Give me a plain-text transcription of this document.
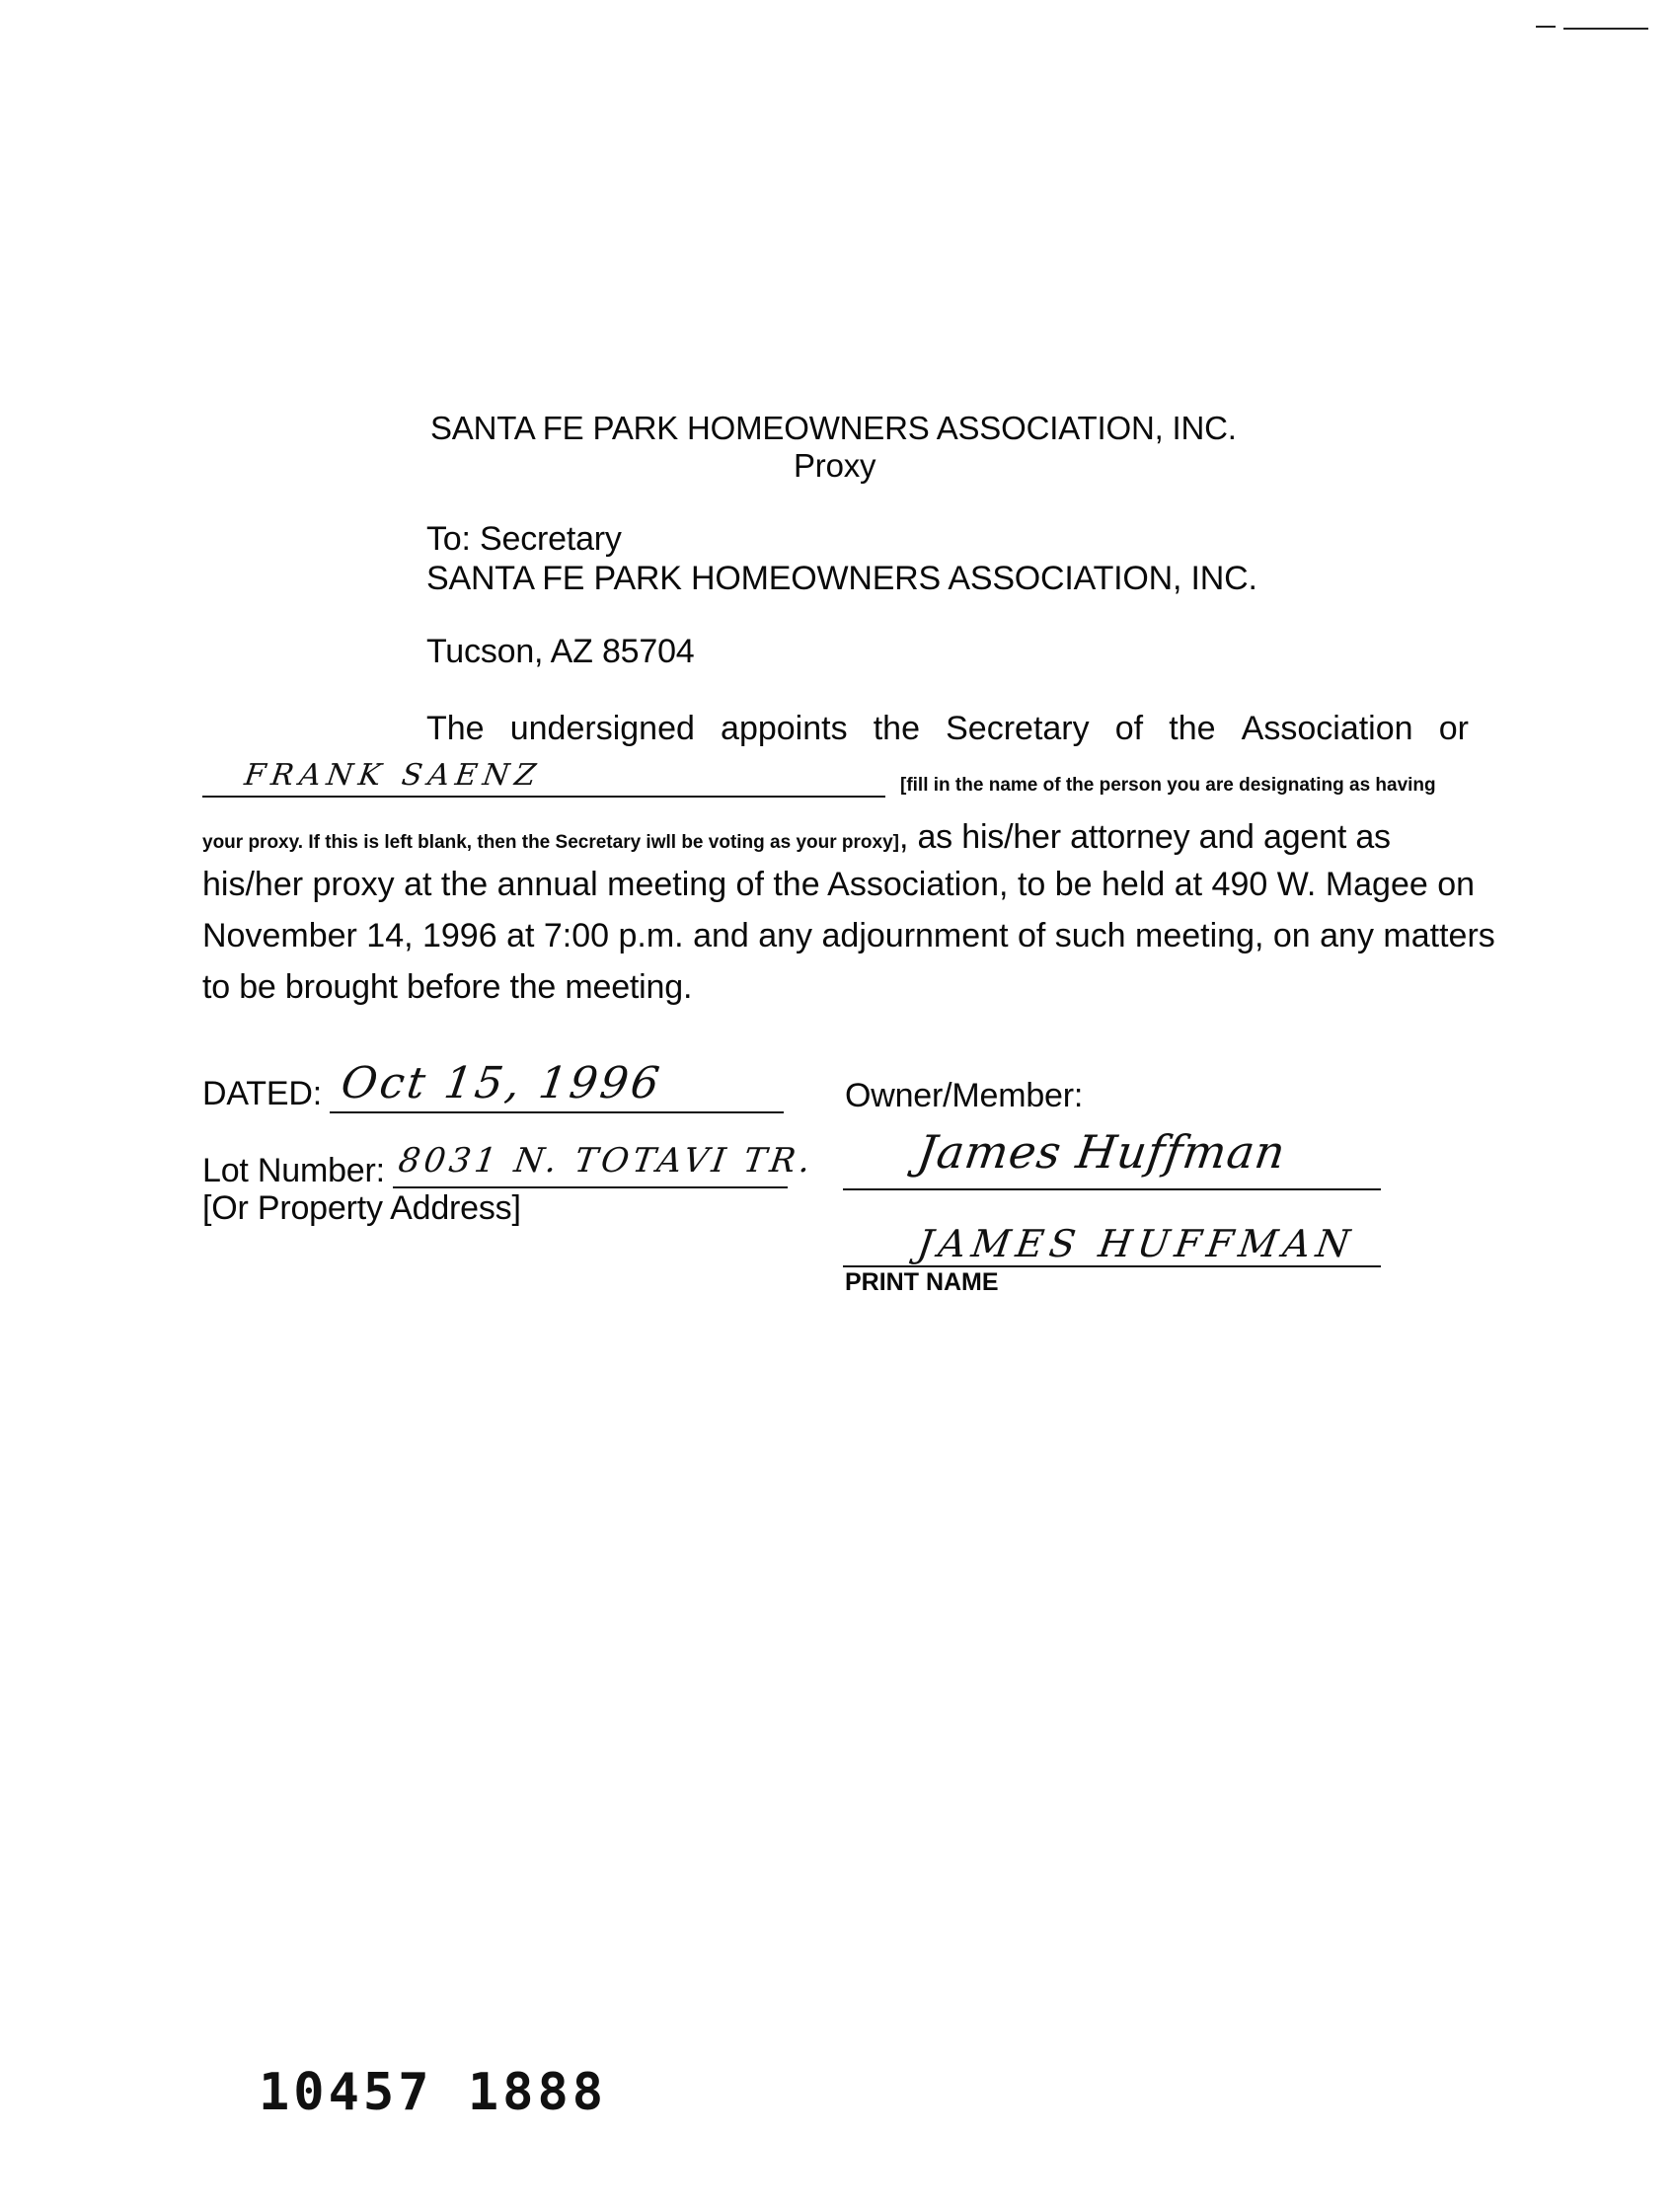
SANTA FE PARK HOMEOWNERS ASSOCIATION, INC.
Proxy
To: Secretary
SANTA FE PARK HOMEOWNERS ASSOCIATION, INC.
Tucson, AZ 85704
The undersigned appoints the Secretary of the Association or
FRANK SAENZ	[fill in the name of the person you are designating as having
your proxy. If this is left blank, then the Secretary iwll be voting as your proxy], as his/her attorney and agent as
his/her proxy at the annual meeting of the Association, to be held at 490 W. Magee on
November 14, 1996 at 7:00 p.m. and any adjournment of such meeting, on any matters
to be brought before the meeting.
DATED: Oct 15, 1996
Lot Number: 8031 N. TOTAVI TR.
[Or Property Address]
Owner/Member:
James Huffman
JAMES HUFFMAN
PRINT NAME
10457 1888
